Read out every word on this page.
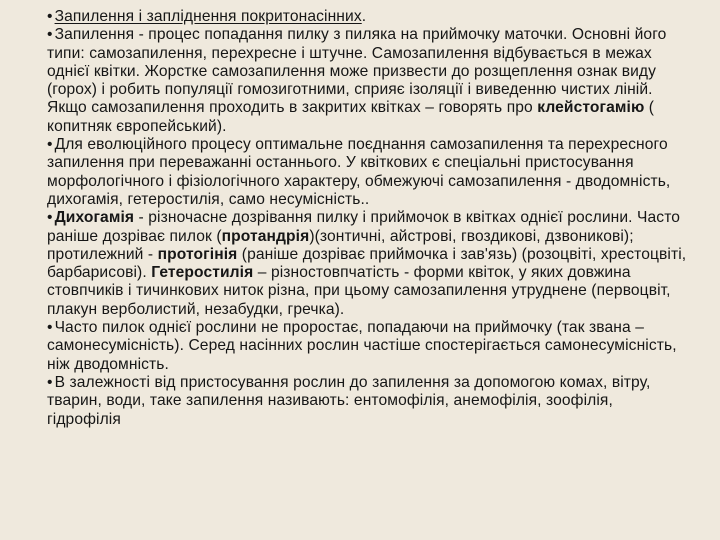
• Запилення і запліднення покритонасінних.

• Запилення - процес попадання пилку з пиляка на приймочку маточки. Основні його типи: самозапилення, перехресне і штучне. Самозапилення відбувається в межах однієї квітки. Жорстке самозапилення може призвести до розщеплення ознак виду (горох) і робить популяції гомозиготними, сприяє ізоляції і виведенню чистих ліній. Якщо самозапилення проходить в закритих квітках – говорять про клейстогамію ( копитняк європейський).

• Для еволюційного процесу оптимальне поєднання самозапилення та перехресного запилення при переважанні останнього. У квіткових є спеціальні пристосування морфологічного і фізіологічного характеру, обмежуючі самозапилення - дводомність, дихогамія, гетеростилія, само несумісність..

• Дихогамія - різночасне дозрівання пилку і приймочок в квітках однієї рослини. Часто раніше дозріває пилок (протандрія)(зонтичні, айстрові, гвоздикові, дзвоникові); протилежний - протогінія (раніше дозріває приймочка і зав'язь) (розоцвіті, хрестоцвіті, барбарисові). Гетеростилія – різностовпчатість - форми квіток, у яких довжина стовпчиків і тичинкових ниток різна, при цьому самозапилення утруднене (первоцвіт, плакун верболистий, незабудки, гречка).

• Часто пилок однієї рослини не проростає, попадаючи на приймочку (так звана – самонесумісність). Серед насінних рослин частіше спостерігається самонесумісність, ніж дводомність.

• В залежності від пристосування рослин до запилення за допомогою комах, вітру, тварин, води, таке запилення називають: ентомофілія, анемофілія, зоофілія, гідрофілія
